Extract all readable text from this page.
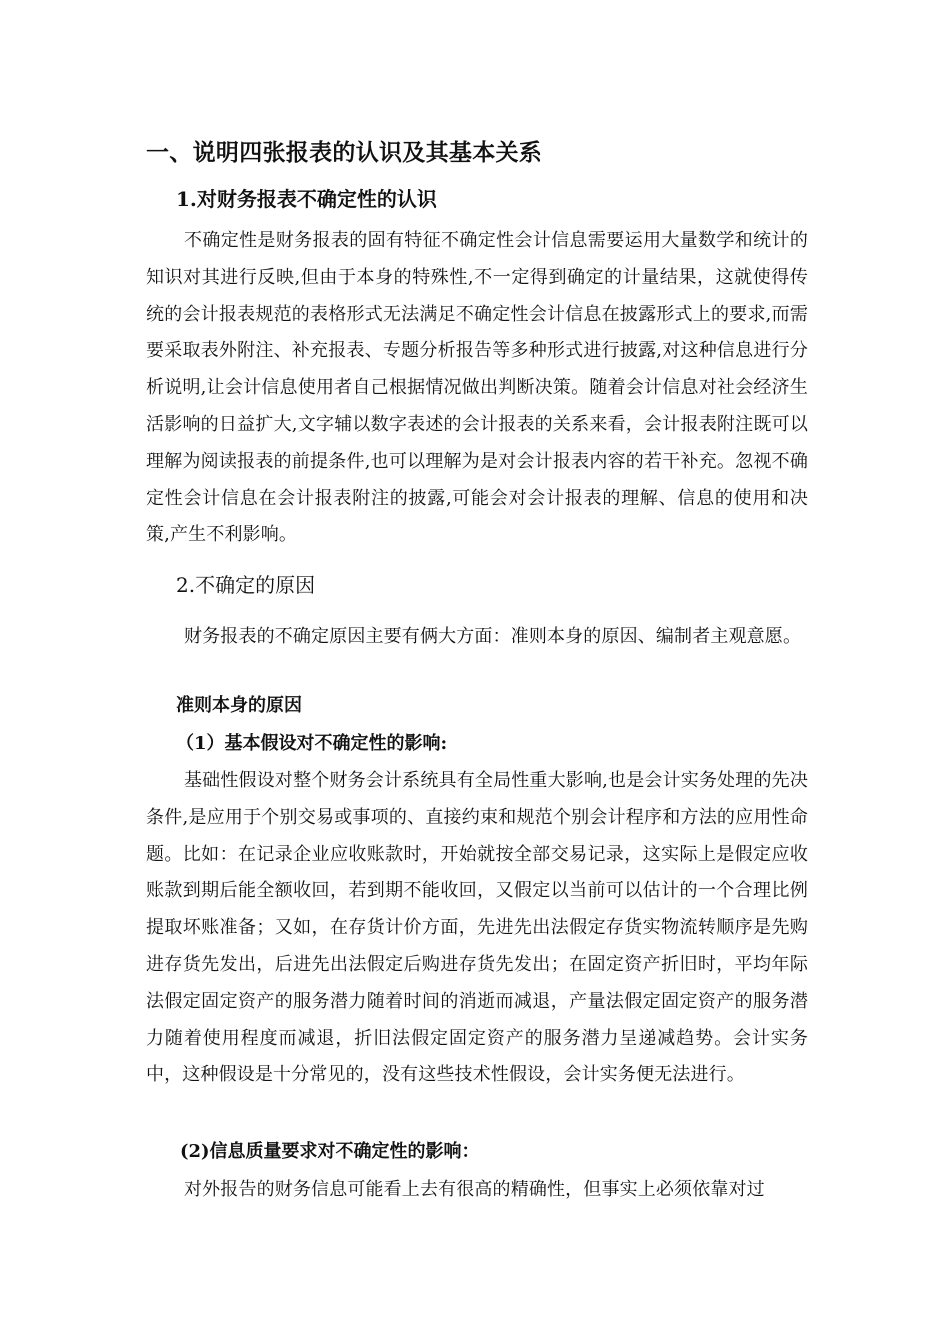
一、说明四张报表的认识及其基本关系
1.对财务报表不确定性的认识

不确定性是财务报表的固有特征不确定性会计信息需要运用大量数学和统计的知识对其进行反映,但由于本身的特殊性,不一定得到确定的计量结果，这就使得传统的会计报表规范的表格形式无法满足不确定性会计信息在披露形式上的要求,而需要采取表外附注、补充报表、专题分析报告等多种形式进行披露,对这种信息进行分析说明,让会计信息使用者自己根据情况做出判断决策。随着会计信息对社会经济生活影响的日益扩大,文字辅以数字表述的会计报表的关系来看，会计报表附注既可以理解为阅读报表的前提条件,也可以理解为是对会计报表内容的若干补充。忽视不确定性会计信息在会计报表附注的披露,可能会对会计报表的理解、信息的使用和决策,产生不利影响。

2.不确定的原因

财务报表的不确定原因主要有俩大方面：准则本身的原因、编制者主观意愿。

准则本身的原因
（1）基本假设对不确定性的影响:

基础性假设对整个财务会计系统具有全局性重大影响,也是会计实务处理的先决条件,是应用于个别交易或事项的、直接约束和规范个别会计程序和方法的应用性命题。比如：在记录企业应收账款时，开始就按全部交易记录，这实际上是假定应收账款到期后能全额收回，若到期不能收回，又假定以当前可以估计的一个合理比例提取坏账准备；又如，在存货计价方面，先进先出法假定存货实物流转顺序是先购进存货先发出，后进先出法假定后购进存货先发出；在固定资产折旧时，平均年际法假定固定资产的服务潜力随着时间的消逝而减退，产量法假定固定资产的服务潜力随着使用程度而减退，折旧法假定固定资产的服务潜力呈递减趋势。会计实务中，这种假设是十分常见的，没有这些技术性假设，会计实务便无法进行。

(2)信息质量要求对不确定性的影响：

对外报告的财务信息可能看上去有很高的精确性，但事实上必须依靠对过
